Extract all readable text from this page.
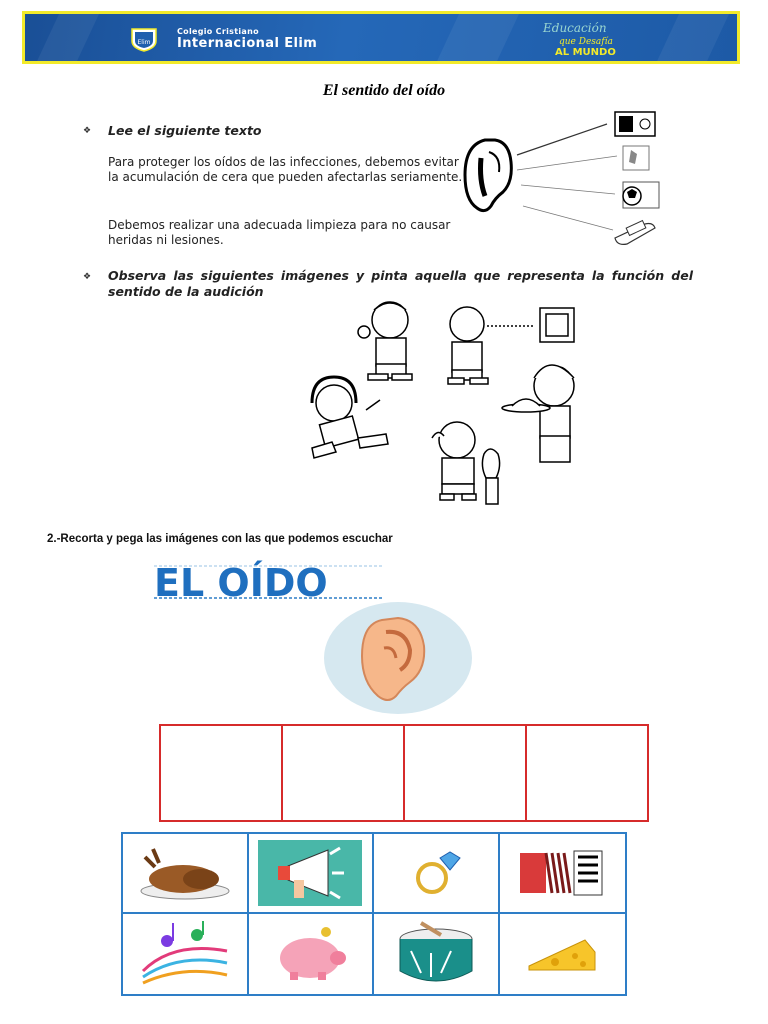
Elim
Colegio Cristiano
Internacional Elim
Educación
que Desafía
AL MUNDO
El sentido del oído
❖ Lee el siguiente texto
Para proteger los oídos de las infecciones, debemos evitar la acumulación de cera que pueden afectarlas seriamente.
Debemos realizar una adecuada limpieza para no causar heridas ni lesiones.
❖ Observa las siguientes imágenes y pinta aquella que representa la función del sentido de la audición
2.-Recorta y pega las imágenes con las que podemos escuchar
EL OÍDO
